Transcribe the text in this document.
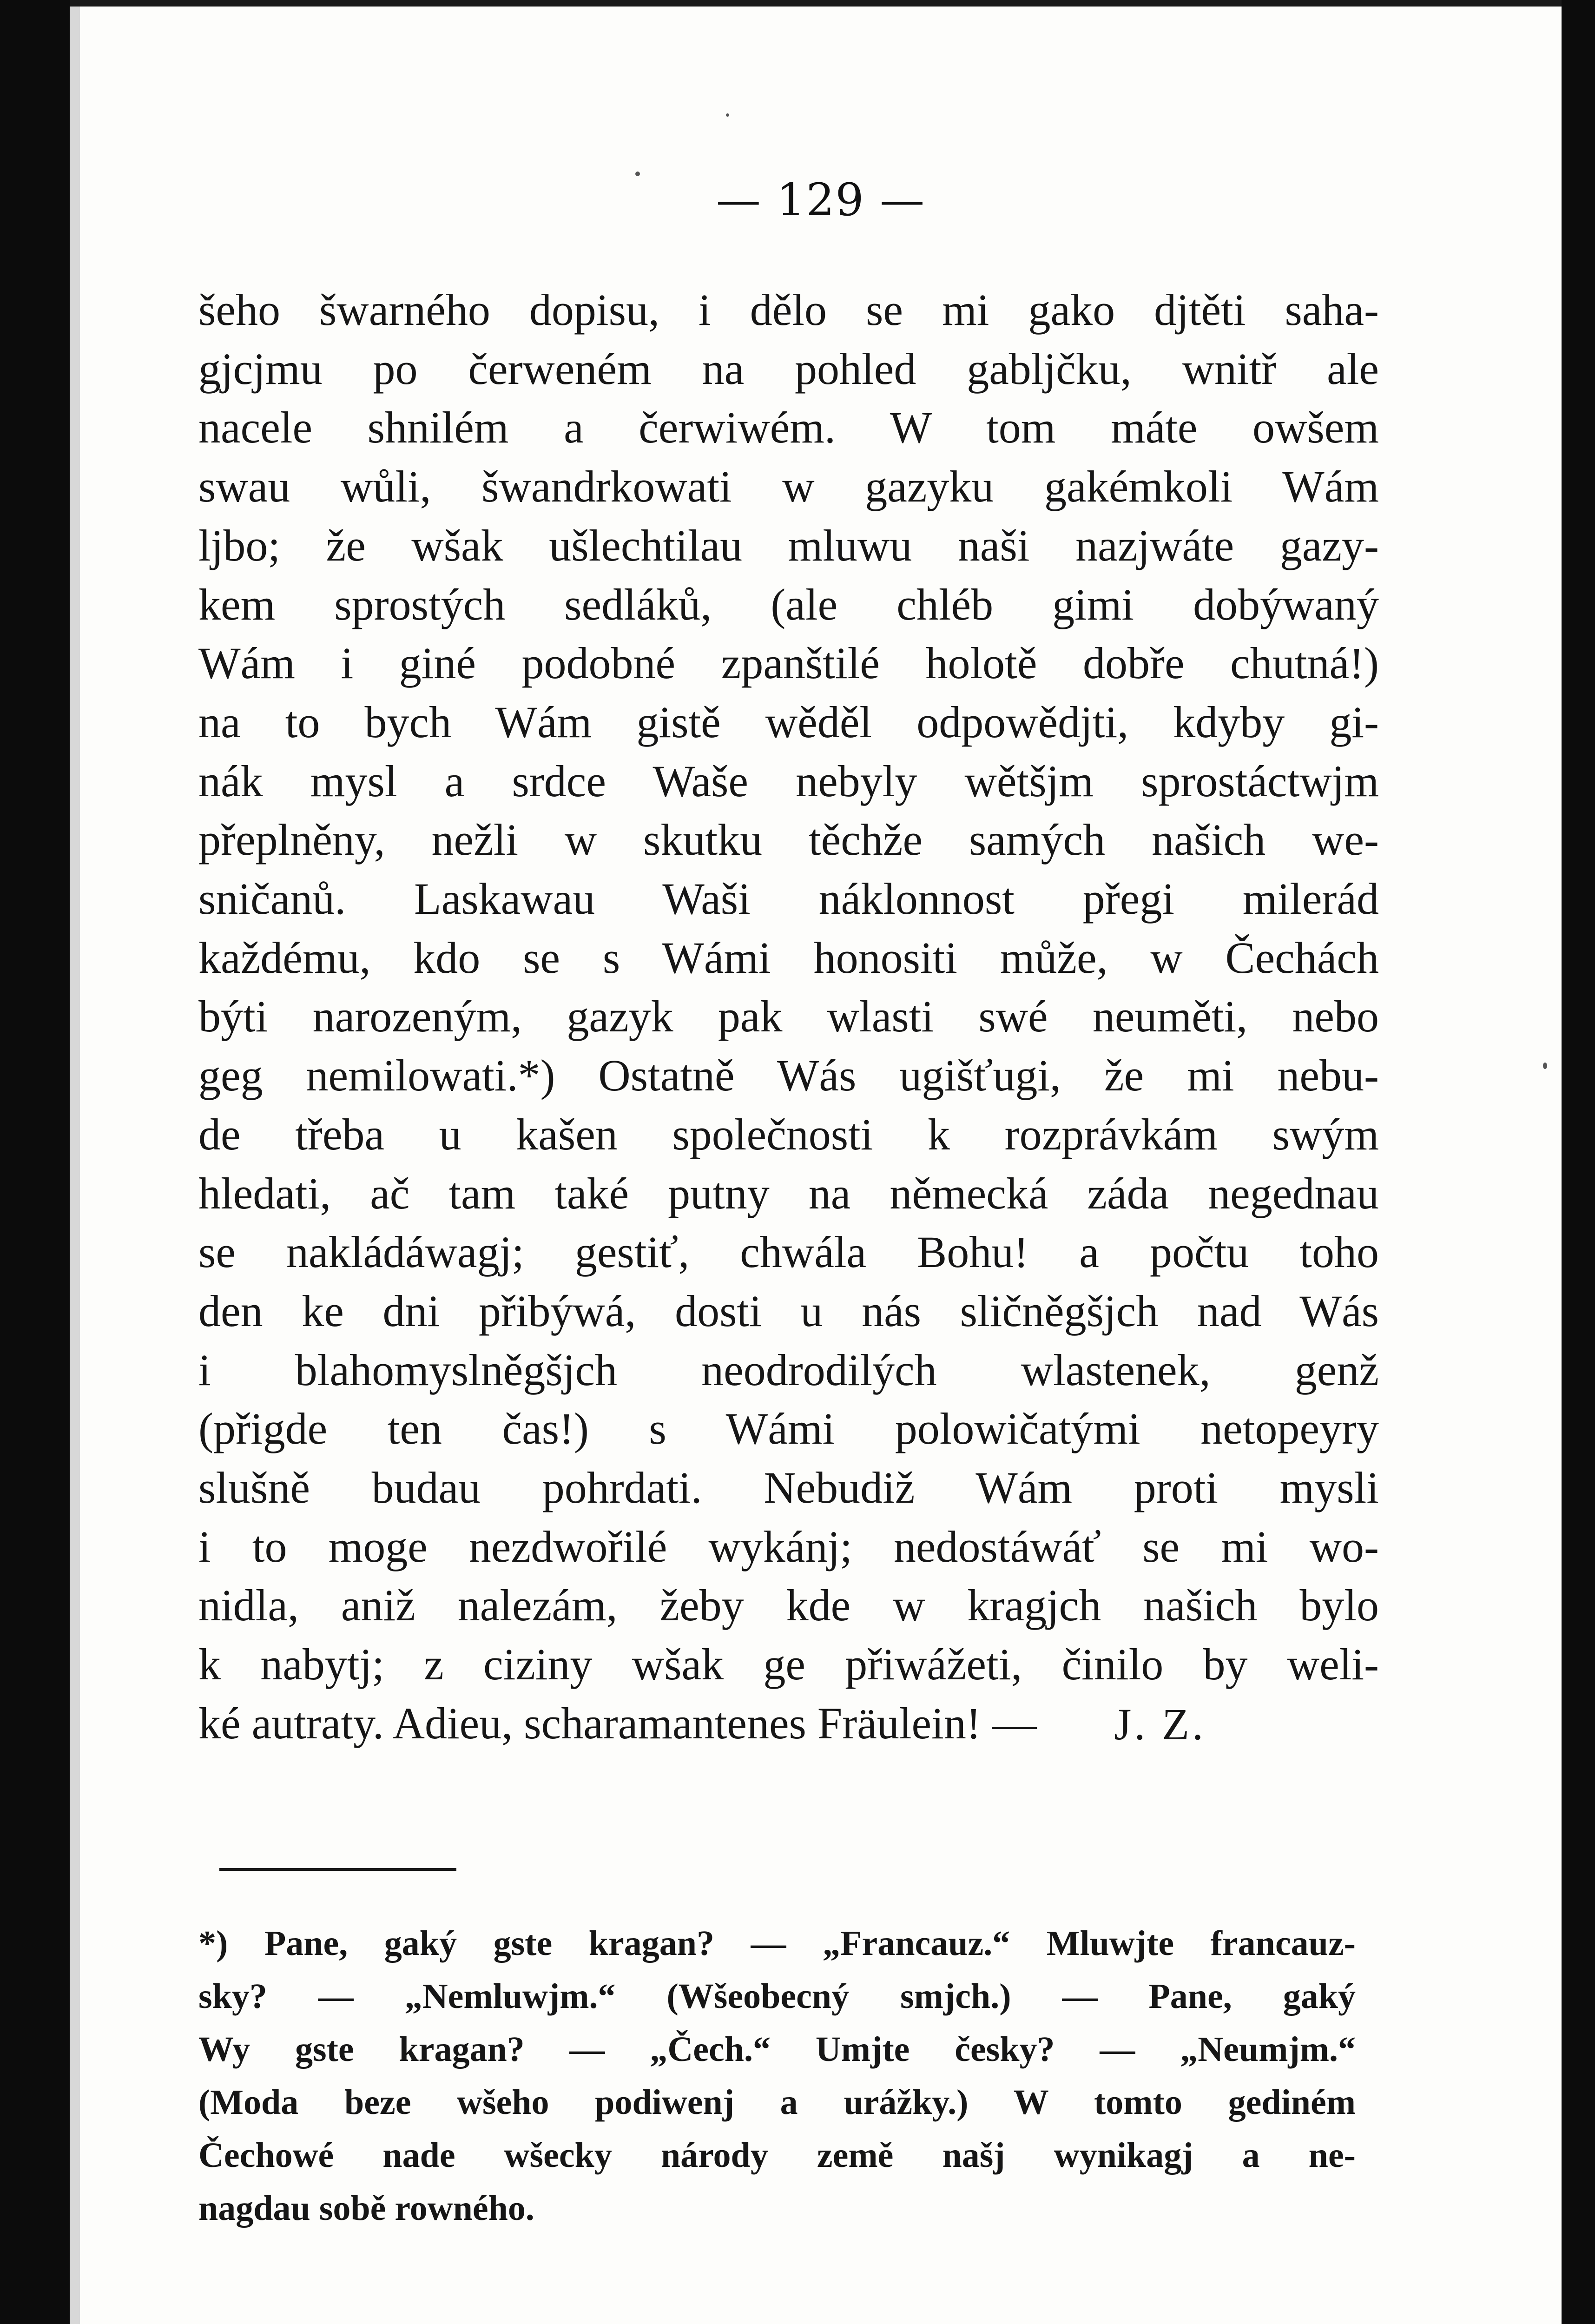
— 129 —
šeho šwarného dopisu, i dělo se mi gako djtěti saha-
gjcjmu po čerweném na pohled gabljčku, wnitř ale
nacele shnilém a čerwiwém. W tom máte owšem
swau wůli, šwandrkowati w gazyku gakémkoli Wám
ljbo; že wšak ušlechtilau mluwu naši nazjwáte gazy-
kem sprostých sedláků, (ale chléb gimi dobýwaný
Wám i giné podobné zpanštilé holotě dobře chutná!)
na to bych Wám gistě wěděl odpowědjti, kdyby gi-
nák mysl a srdce Waše nebyly wětšjm sprostáctwjm
přeplněny, nežli w skutku těchže samých našich we-
sničanů. Laskawau Waši náklonnost přegi milerád
každému, kdo se s Wámi honositi může, w Čechách
býti narozeným, gazyk pak wlasti swé neuměti, nebo
geg nemilowati.*) Ostatně Wás ugišťugi, že mi nebu-
de třeba u kašen společnosti k rozprávkám swým
hledati, ač tam také putny na německá záda negednau
se nakládáwagj; gestiť, chwála Bohu! a počtu toho
den ke dni přibýwá, dosti u nás sličněgšjch nad Wás
i blahomyslněgšjch neodrodilých wlastenek, genž
(přigde ten čas!) s Wámi polowičatými netopeyry
slušně budau pohrdati. Nebudiž Wám proti mysli
i to moge nezdwořilé wykánj; nedostáwáť se mi wo-
nidla, aniž nalezám, žeby kde w kragjch našich bylo
k nabytj; z ciziny wšak ge přiwážeti, činilo by weli-
ké autraty. Adieu, scharamantenes Fräulein! —	J. Z.
*) Pane, gaký gste kragan? — „Francauz.“ Mluwjte francauz-
sky? — „Nemluwjm.“ (Wšeobecný smjch.) — Pane, gaký
Wy gste kragan? — „Čech.“ Umjte česky? — „Neumjm.“
(Moda beze wšeho podiwenj a urážky.) W tomto gediném
Čechowé nade wšecky národy země našj wynikagj a ne-
nagdau sobě rowného.
